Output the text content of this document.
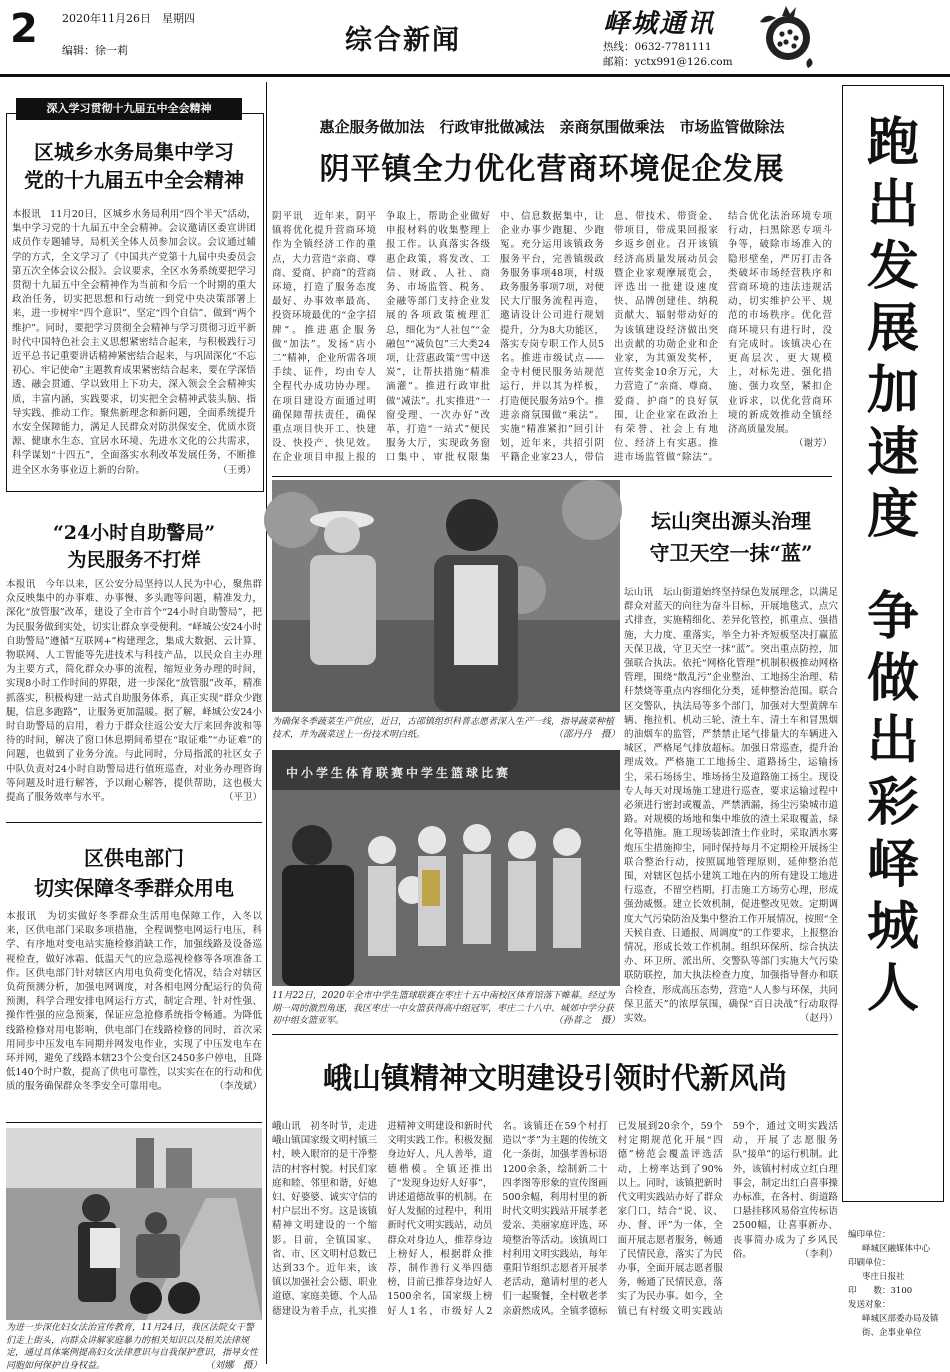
2 2020年11月26日　星期四
编辑：徐一莉	综合新闻
峄城通讯
热线：0632-7781111
邮箱：yctx991@126.com
深入学习贯彻十九届五中全会精神
区城乡水务局集中学习
党的十九届五中全会精神
本报讯　11月20日，区城乡水务局利用“四个半天”活动，集中学习党的十九届五中全会精神。会议邀请区委宣讲团成员作专题辅导，局机关全体人员参加会议。会议通过辅学的方式，全文学习了《中国共产党第十九届中央委员会第五次全体会议公报》。会议要求，全区水务系统要把学习贯彻十九届五中全会精神作为当前和今后一个时期的重大政治任务，切实把思想和行动统一到党中央决策部署上来，进一步树牢“四个意识”、坚定“四个自信”、做到“两个维护”。同时，要把学习贯彻全会精神与学习贯彻习近平新时代中国特色社会主义思想紧密结合起来，与积极践行习近平总书记重要讲话精神紧密结合起来，与巩固深化“不忘初心、牢记使命”主题教育成果紧密结合起来，要在学深悟透、融会贯通、学以致用上下功夫，深入领会全会精神实质，丰富内涵，实践要求，切实把全会精神武装头脑、指导实践、推动工作。聚焦新理念和新问题，全面系统提升水安全保障能力，满足人民群众对防洪保安全、优质水资源、健康水生态、宜居水环境、先进水文化的公共需求，科学谋划“十四五”，全面落实水利改革发展任务，不断推进全区水务事业迈上新的台阶。	（王勇）
“24小时自助警局”
为民服务不打烊
本报讯　今年以来，区公安分局坚持以人民为中心，聚焦群众反映集中的办事难、办事慢、多头跑等问题，精准发力，深化“放管服”改革，建设了全市首个“24小时自助警局”，把为民服务做到实处，切实让群众享受便利。“峄城公安24小时自助警局”遵循“互联网+”构建理念，集成大数据、云计算、物联网、人工智能等先进技术与科技产品，以民众自主办理为主要方式，简化群众办事的流程，缩短业务办理的时间，实现8小时工作时间的界限，进一步深化“放管服”改革，精准抓落实，积极构建一站式自助服务体系，真正实现“群众少跑腿，信息多跑路”，让服务更加温暖。据了解，峄城公安24小时自助警局的启用，着力于群众往返公安大厅来回奔波和等待的时间，解决了窗口休息期间希望在“取证难”“办证难”的问题，也做到了业务分流。与此同时，分局指派的社区女子中队负责对24小时自助警局进行值班巡查，对业务办理咨询等问题及时进行解答，予以耐心解答，提供帮助，这也极大提高了服务效率与水平。	（平卫）
区供电部门
切实保障冬季群众用电
本报讯　为切实做好冬季群众生活用电保障工作，入冬以来，区供电部门采取多项措施，全程调整电网运行电压，科学、有序地对变电站实施检修消缺工作，加强线路及设备巡视检查，做好冰霜、低温天气的应急巡视检修等各项准备工作。区供电部门针对辖区内用电负荷变化情况，结合对辖区负荷预测分析，加强电网调度，对各相电网分配运行的负荷预测，科学合理安排电网运行方式，制定合理、针对性强、操作性强的应急预案，保证应急抢修系统指令畅通。为降低线路检修对用电影响，供电部门在线路检修的同时，首次采用同步中压发电车同期并网发电作业，实现了中压发电车在环并网，避免了线路本辖23个公变台区2450多户停电，且降低140个时户数，提高了供电可靠性，以实实在在的行动和优质的服务确保群众冬季安全可靠用电。	（李茂斌）
为进一步深化妇女法治宣传教育，11月24日，我区法院女干警们走上街头，向群众讲解家庭暴力的相关知识以及相关法律规定，通过具体案例提高妇女法律意识与自我保护意识，指导女性同胞如何保护自身权益。	（刘娜　摄）
惠企服务做加法　行政审批做减法　亲商氛围做乘法　市场监管做除法
阴平镇全力优化营商环境促企发展
阴平讯　近年来，阴平镇将优化提升营商环境作为全镇经济工作的重点，大力营造“亲商、尊商、爱商、护商”的营商环境，打造了服务态度最好、办事效率最高、投资环境最优的“金字招牌”。推进惠企服务做“加法”。发扬“店小二”精神，企业所需各项手续、证件，均由专人全程代办成功协办理。在项目建设方面通过明确保障帮扶责任，确保重点项目快开工、快建设、快投产、快见效。在企业项目申报上报的争取上，帮助企业做好申报材料的收集整理上报工作。认真落实各级惠企政策，将发改、工信、财政、人社、商务、市场监管、税务、金融等部门支持企业发展的各项政策梳理汇总，细化为“人社包”“金融包”“减负包”三大类24项，让营惠政策“雪中送炭”，让帮扶措施“精准滴灌”。推进行政审批做“减法”。扎实推进“一窗受理、一次办好”改革，打造“一站式”便民服务大厅，实现政务窗口集中、审批权限集中、信息数据集中，让企业办事少跑腿、少跑冤。充分运用该镇政务服务平台，完善镇级政务服务事项48项，村级政务服务事项7项，对便民大厅服务流程再造，邀请设计公司进行规划提升，分为8大功能区，落实专岗专职工作人员5名。推进市级试点——金寺村便民服务站规范运行，并以其为样板，打造便民服务站9个。推进亲商氛围做“乘法”。实施“精准紧扣”回引计划，近年来，共招引阴平籍企业家23人，带信息、带技术、带资金、带项目，带成果回报家乡返乡创业。召开该镇经济高质量发展动员会暨企业家观摩展览会，评选出一批建设速度快、品牌创建佳、纳税贡献大、辐射带动好的为该镇建设经济做出突出贡献的功勋企业和企业家，为其颁发奖杯，宣传奖金10余万元，大力营造了“亲商、尊商、爱商、护商”的良好氛围，让企业家在政治上有荣誉、社会上有地位、经济上有实惠。推进市场监管做“除法”。结合优化法治环境专项行动，扫黑除恶专项斗争等，破除市场准入的隐形壁垒，严厉打击各类破坏市场经营秩序和营商环境的违法违规活动，切实维护公平、规范的市场秩序。优化营商环境只有进行时，没有完成时。该镇决心在更高层次、更大规模上，对标先进、强化措施、强力攻坚，紧扣企业诉求，以优化营商环境的新成效推动全镇经济高质量发展。
（谢芳）
为确保冬季蔬菜生产供应，近日，古邵镇组织科普志愿者深入生产一线，指导蔬菜种植技术，并为蔬菜送上一份技术明白纸。	（邵丹丹　摄）
中小学生体育联赛中学生篮球比赛
11月22日，2020年全市中学生篮球联赛在枣庄十五中南校区体育馆落下帷幕。经过为期一周的激烈角逐，我区枣庄一中女篮获得高中组冠军，枣庄二十八中、城郊中学分获初中组女篮亚军。	（孙普之　摄）
坛山突出源头治理
守卫天空一抹“蓝”
坛山讯　坛山街道始终坚持绿色发展理念，以满足群众对蓝天的向往为奋斗目标，开展地毯式、点穴式排查，实施精细化、差异化管控，抓重点、强措施，大力度、重落实，举全力补齐短板坚决打赢蓝天保卫战，守卫天空一抹“蓝”。突出重点防控，加强联合执法。依托“网格化管理”机制积极推动网格管理，围绕“散乱污”企业整治、工地扬尘治理、秸秆禁烧等重点内容细化分类，延伸整治范围。联合区交警队，执法局等多个部门，加强对大型黄牌车辆、拖拉机、机动三轮、渣土车、清土车和冒黑烟的油烟车的监管，严禁禁止尾气排量大的车辆进入城区，严格尾气排放超标。加强日常巡查，提升治理成效。严格施工工地扬尘、道路扬尘，运输扬尘，采石场扬尘、堆场扬尘及道路施工扬尘。现设专人每天对现场施工建进行巡查，要求运输过程中必须进行密封或覆盖，严禁洒漏，扬尘污染城市道路。对规模的场地和集中堆放的渣土采取覆盖，绿化等措施。施工现场装卸渣土作业时，采取洒水雾炮压尘措施抑尘，同时保持每月不定期检开展扬尘联合整治行动，按照属地管理原则，延伸整治范围，对辖区包括小建筑工地在内的所有建设工地进行巡查，不留空档期，打击施工方场劳心理，形成强劲威慑。建立长效机制，促进整改见效。定期调度大气污染防治及集中整治工作开展情况，按照“全天候自查、日通报、周调度”的工作要求，上报整治情况，形成长效工作机制。组织环保所、综合执法办、环卫所、派出所、交警队等部门实施大气污染联防联控，加大执法检查力度，加强指导督办和联合检查，形成高压态势，营造“人人参与环保，共同保卫蓝天”的浓厚氛围，确保“百日决战”行动取得实效。	（赵丹）
峨山镇精神文明建设引领时代新风尚
峨山讯　初冬时节，走进峨山镇国家级文明村镇三村，映入眼帘的是干净整洁的村容村貌。村民们家庭和睦、邻里和谐，好媳妇、好婆婆、诚实守信的村户层出不穷。这是该镇精神文明建设的一个缩影。目前，全镇国家、省、市、区文明村总数已达到33个。近年来，该镇以加强社会公德、职业道德、家庭美德、个人品德建设为着手点，扎实推进精神文明建设和新时代文明实践工作。积极发掘身边好人、凡人善举，道德楷模。全镇还推出了“发现身边好人好事”，讲述道德故事的机制。在好人发掘的过程中，利用新时代文明实践站，动员群众对身边人，推荐身边上榜好人，根据群众推荐，制作善行义举四德榜，目前已推荐身边好人1500余名，国家级上榜好人1名，市级好人2名。该镇还在59个村打造以“孝”为主题的传统文化一条街，加强孝善标语1200余条，绘制新二十四孝图等形象的宣传图画500余幅，利用村里的新时代文明实践站开展孝老爱亲、美丽家庭评选、环境整治等活动。该镇周口村利用文明实践站，每年重阳节组织志愿者开展孝老活动，邀请村里的老人们一起聚餐，全村敬老孝亲蔚然成风。全镇孝德标已发展到20余个，59个村定期规范化开展“四德”榜范会覆盖评选活动，上榜率达到了90%以上。同时，该镇把新时代文明实践站办好了群众家门口，结合“说、议、办、督、评”为一体，全面开展志愿者服务，畅通了民情民意，落实了为民办事，全面开展志愿者服务，畅通了民情民意，落实了为民办事。如今，全镇已有村级文明实践站59个，通过文明实践活动，开展了志愿服务队“接单”的运行机制。此外，该镇村村成立红白理事会，制定出红白喜事操办标准，在各村、街道路口悬挂移风易俗宣传标语2500幅，让喜事新办、丧事简办成为了乡风民俗。	（李利）
跑
出
发
展
加
速
度
争
做
出
彩
峄
城
人
编印单位：
峄城区融媒体中心
印刷单位：
枣庄日报社
印　　数：3100
发送对象：
峄城区部委办局及镇街、企事业单位
